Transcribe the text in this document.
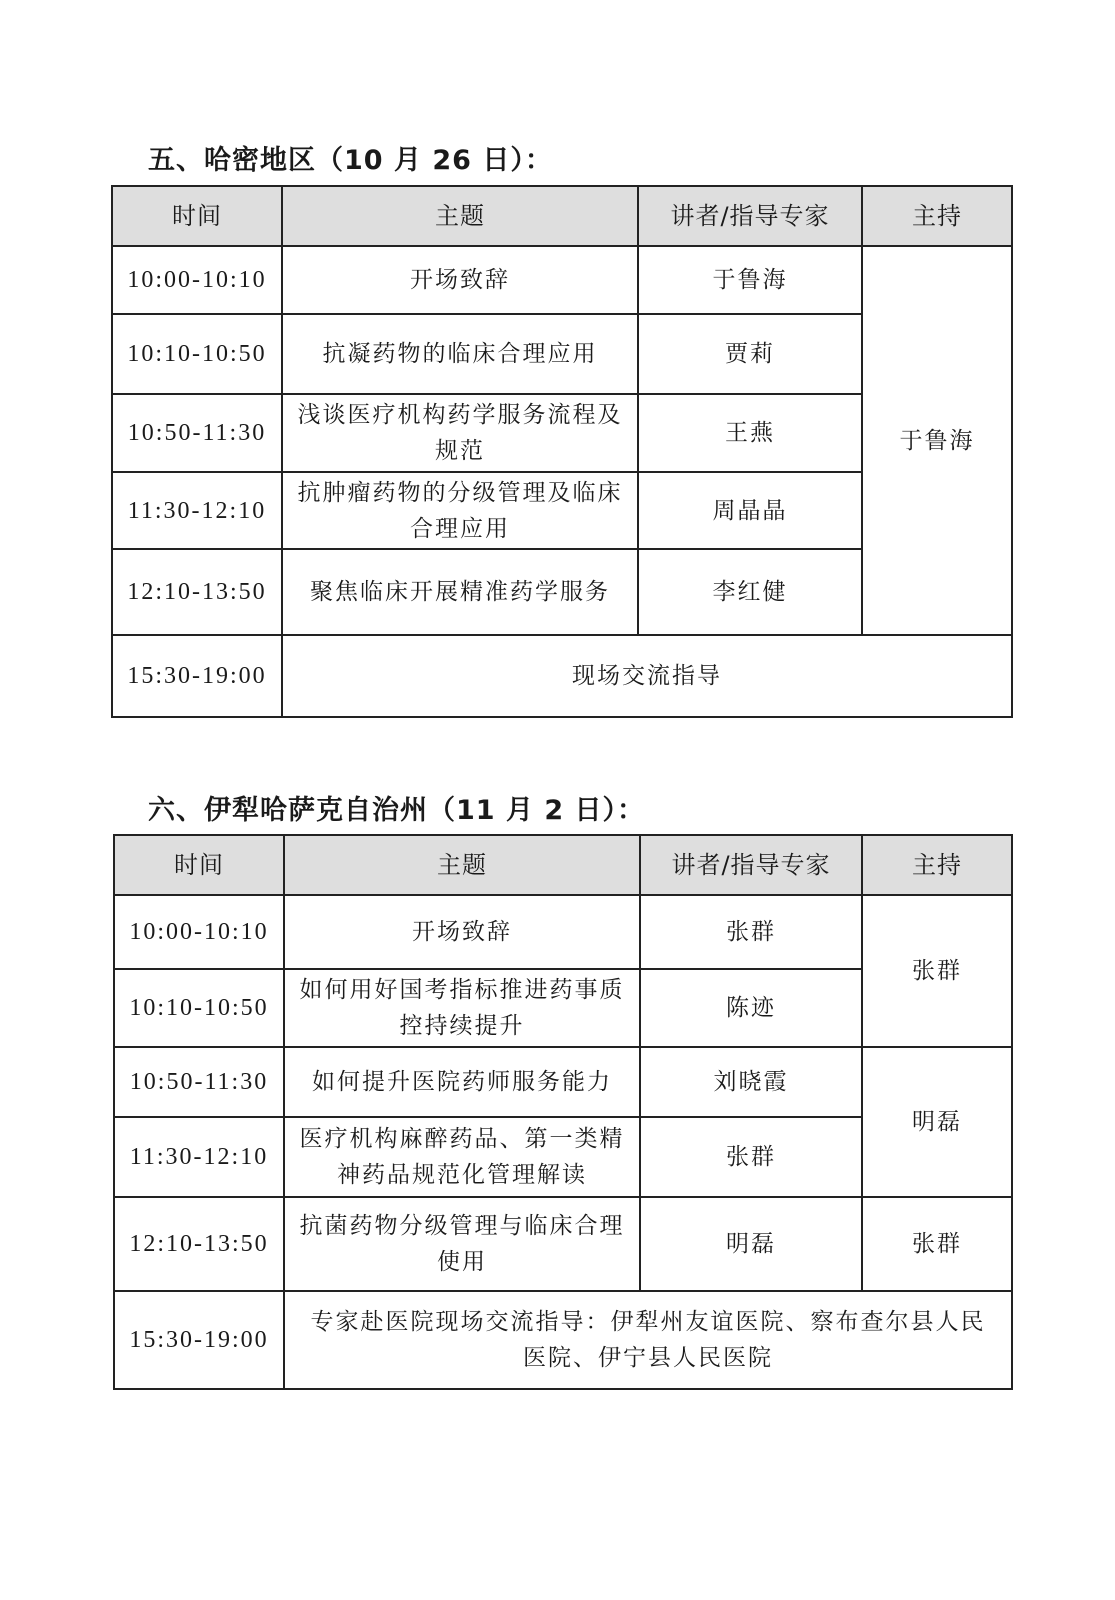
五、哈密地区（10 月 26 日）：
时间	主题	讲者/指导专家	主持
10:00-10:10	开场致辞	于鲁海	于鲁海
10:10-10:50	抗凝药物的临床合理应用	贾莉	
10:50-11:30	浅谈医疗机构药学服务流程及规范	王燕	
11:30-12:10	抗肿瘤药物的分级管理及临床合理应用	周晶晶	
12:10-13:50	聚焦临床开展精准药学服务	李红健	
15:30-19:00	现场交流指导		
六、伊犁哈萨克自治州（11 月 2 日）：
时间	主题	讲者/指导专家	主持
10:00-10:10	开场致辞	张群	张群
10:10-10:50	如何用好国考指标推进药事质控持续提升	陈迹	
10:50-11:30	如何提升医院药师服务能力	刘晓霞	明磊
11:30-12:10	医疗机构麻醉药品、第一类精神药品规范化管理解读	张群	
12:10-13:50	抗菌药物分级管理与临床合理使用	明磊	张群
15:30-19:00	专家赴医院现场交流指导：伊犁州友谊医院、察布查尔县人民医院、伊宁县人民医院		
